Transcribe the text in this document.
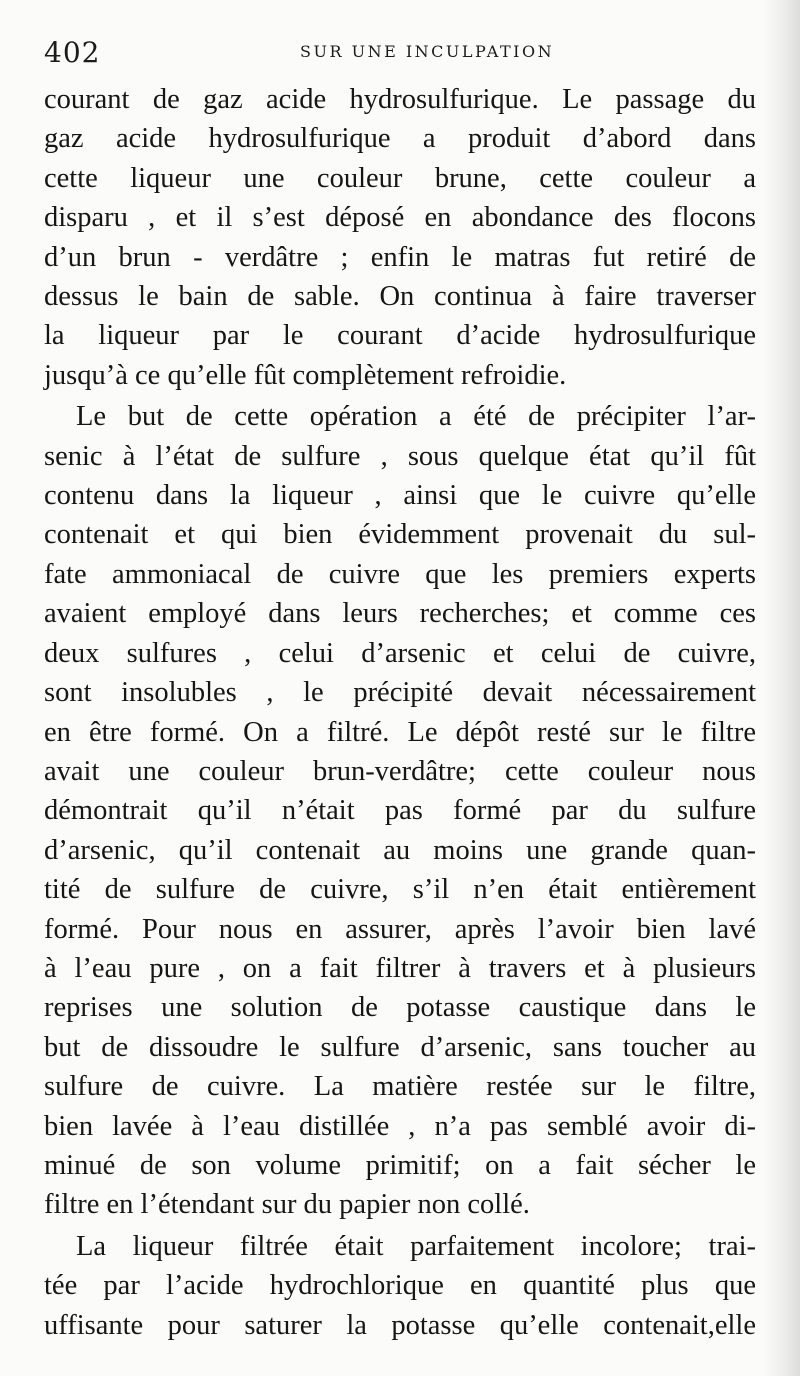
402	SUR UNE INCULPATION
courant de gaz acide hydrosulfurique. Le passage du
gaz acide hydrosulfurique a produit d’abord dans
cette liqueur une couleur brune, cette couleur a
disparu , et il s’est déposé en abondance des flocons
d’un brun - verdâtre ; enfin le matras fut retiré de
dessus le bain de sable. On continua à faire traverser
la liqueur par le courant d’acide hydrosulfurique
jusqu’à ce qu’elle fût complètement refroidie.
Le but de cette opération a été de précipiter l’ar-
senic à l’état de sulfure , sous quelque état qu’il fût
contenu dans la liqueur , ainsi que le cuivre qu’elle
contenait et qui bien évidemment provenait du sul-
fate ammoniacal de cuivre que les premiers experts
avaient employé dans leurs recherches; et comme ces
deux sulfures , celui d’arsenic et celui de cuivre,
sont insolubles , le précipité devait nécessairement
en être formé. On a filtré. Le dépôt resté sur le filtre
avait une couleur brun-verdâtre; cette couleur nous
démontrait qu’il n’était pas formé par du sulfure
d’arsenic, qu’il contenait au moins une grande quan-
tité de sulfure de cuivre, s’il n’en était entièrement
formé. Pour nous en assurer, après l’avoir bien lavé
à l’eau pure , on a fait filtrer à travers et à plusieurs
reprises une solution de potasse caustique dans le
but de dissoudre le sulfure d’arsenic, sans toucher au
sulfure de cuivre. La matière restée sur le filtre,
bien lavée à l’eau distillée , n’a pas semblé avoir di-
minué de son volume primitif; on a fait sécher le
filtre en l’étendant sur du papier non collé.
La liqueur filtrée était parfaitement incolore; trai-
tée par l’acide hydrochlorique en quantité plus que
uffisante pour saturer la potasse qu’elle contenait,elle
